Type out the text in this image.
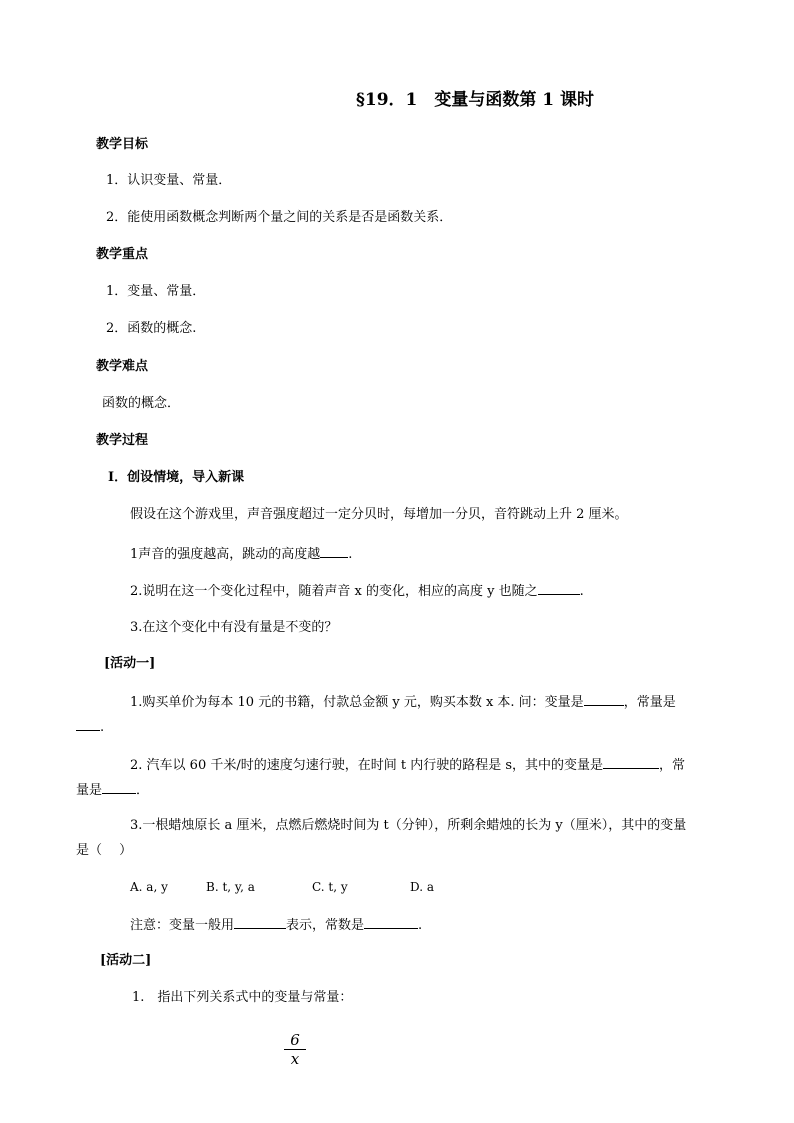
§19．1　变量与函数第 1 课时
教学目标
1．认识变量、常量．
2．能使用函数概念判断两个量之间的关系是否是函数关系．
教学重点
1．变量、常量．
2．函数的概念.
教学难点
函数的概念．
教学过程
Ⅰ．创设情境，导入新课
假设在这个游戏里，声音强度超过一定分贝时，每增加一分贝，音符跳动上升 2 厘米。
1声音的强度越高，跳动的高度越 .
2.说明在这一个变化过程中，随着声音 x 的变化，相应的高度 y 也随之	.
3.在这个变化中有没有量是不变的？
[活动一]
1.购买单价为每本 10 元的书籍，付款总金额 y 元，购买本数 x 本. 问：变量是	，常量是
.
2. 汽车以 60 千米/时的速度匀速行驶，在时间 t 内行驶的路程是 s，其中的变量是	，常
量是	．
3.一根蜡烛原长 a 厘米，点燃后燃烧时间为 t（分钟），所剩余蜡烛的长为 y（厘米），其中的变量
是（　 ）
A. a, y	B. t, y, a	C. t, y	D. a
注意：变量一般用	表示，常数是	.
[活动二]
1.　指出下列关系式中的变量与常量：
6
x
